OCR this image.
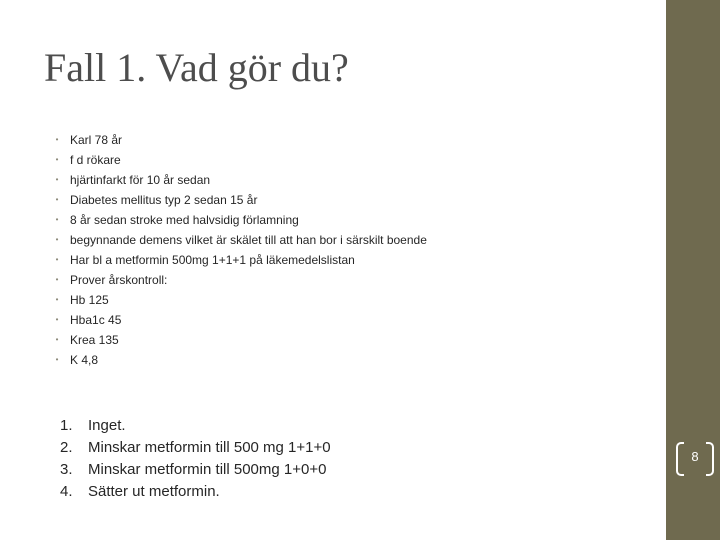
Fall 1. Vad gör du?
• Karl 78 år
• f d rökare
• hjärtinfarkt för 10 år sedan
• Diabetes mellitus typ 2 sedan 15 år
• 8 år sedan stroke med halvsidig förlamning
• begynnande demens vilket är skälet till att han bor i särskilt boende
• Har bl a metformin 500mg 1+1+1 på läkemedelslistan
• Prover årskontroll:
• Hb 125
• Hba1c 45
• Krea 135
• K 4,8
1. Inget.
2. Minskar metformin till 500 mg 1+1+0
3. Minskar metformin till 500mg 1+0+0
4. Sätter ut metformin.
8
